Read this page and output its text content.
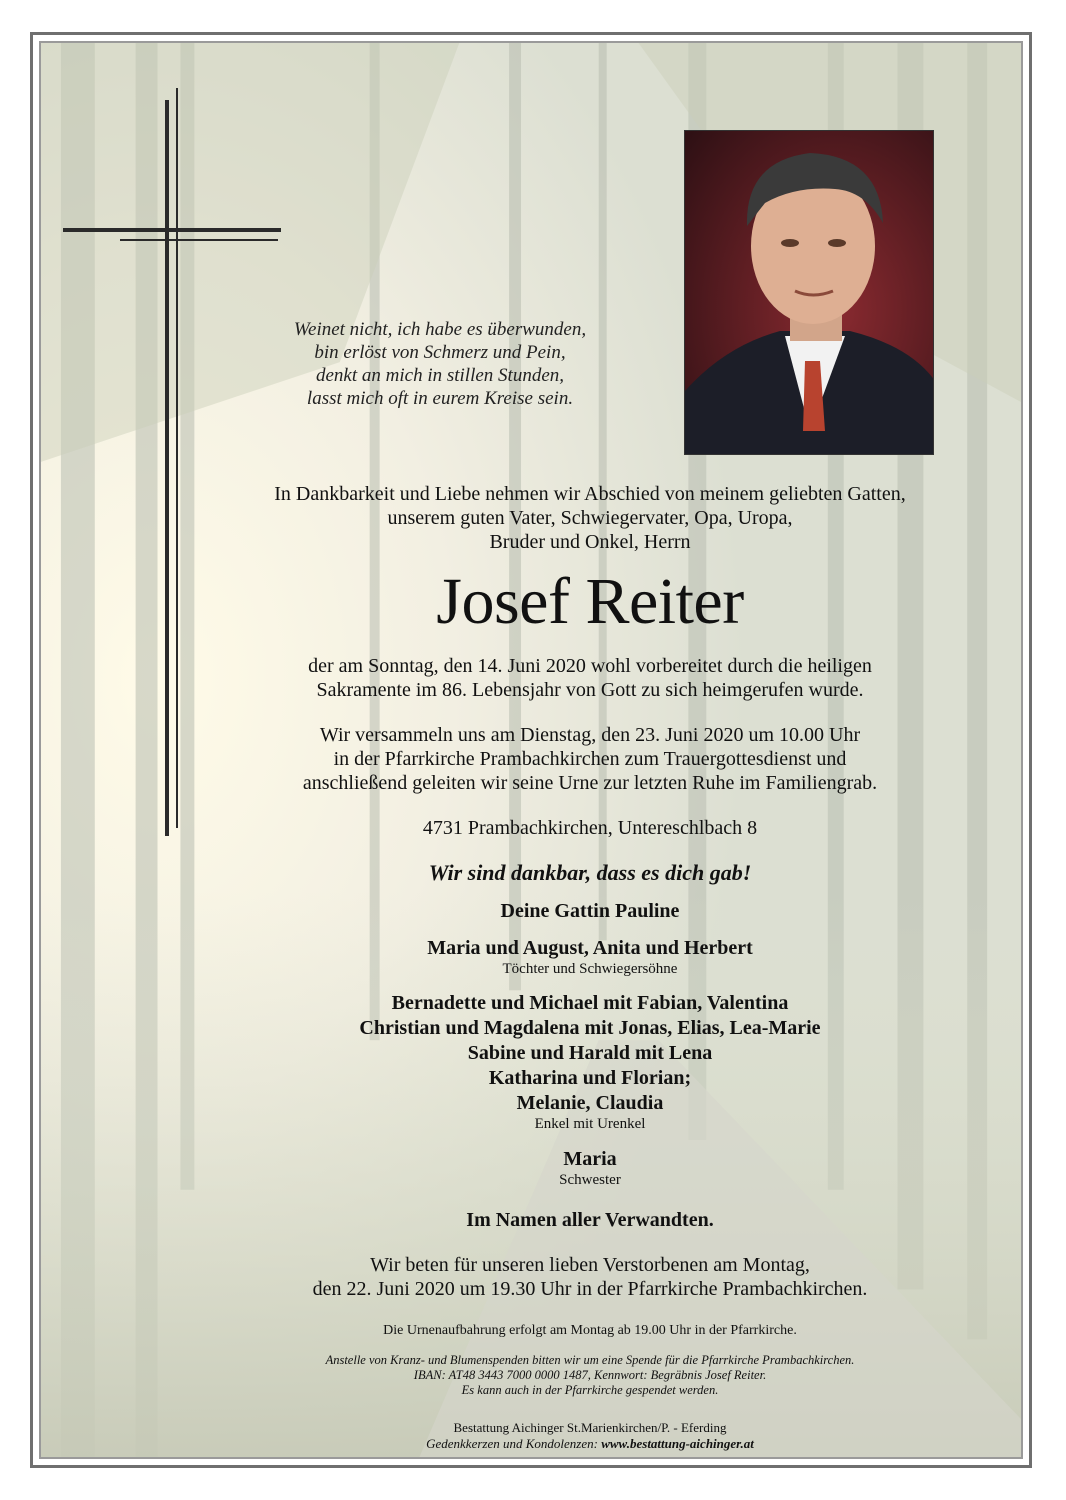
Weinet nicht, ich habe es überwunden,
bin erlöst von Schmerz und Pein,
denkt an mich in stillen Stunden,
lasst mich oft in eurem Kreise sein.
In Dankbarkeit und Liebe nehmen wir Abschied von meinem geliebten Gatten,
unserem guten Vater, Schwiegervater, Opa, Uropa,
Bruder und Onkel, Herrn
Josef Reiter
der am Sonntag, den 14. Juni 2020 wohl vorbereitet durch die heiligen
Sakramente im 86. Lebensjahr von Gott zu sich heimgerufen wurde.
Wir versammeln uns am Dienstag, den 23. Juni 2020 um 10.00 Uhr
in der Pfarrkirche Prambachkirchen zum Trauergottesdienst und
anschließend geleiten wir seine Urne zur letzten Ruhe im Familiengrab.
4731 Prambachkirchen, Untereschlbach 8
Wir sind dankbar, dass es dich gab!
Deine Gattin Pauline
Maria und August, Anita und Herbert
Töchter und Schwiegersöhne
Bernadette und Michael mit Fabian, Valentina
Christian und Magdalena mit Jonas, Elias, Lea-Marie
Sabine und Harald mit Lena
Katharina und Florian;
Melanie, Claudia
Enkel mit Urenkel
Maria
Schwester
Im Namen aller Verwandten.
Wir beten für unseren lieben Verstorbenen am Montag,
den 22. Juni 2020 um 19.30 Uhr in der Pfarrkirche Prambachkirchen.
Die Urnenaufbahrung erfolgt am Montag ab 19.00 Uhr in der Pfarrkirche.
Anstelle von Kranz- und Blumenspenden bitten wir um eine Spende für die Pfarrkirche Prambachkirchen.
IBAN: AT48 3443 7000 0000 1487, Kennwort: Begräbnis Josef Reiter.
Es kann auch in der Pfarrkirche gespendet werden.
Bestattung Aichinger St.Marienkirchen/P. - Eferding
Gedenkkerzen und Kondolenzen: www.bestattung-aichinger.at
